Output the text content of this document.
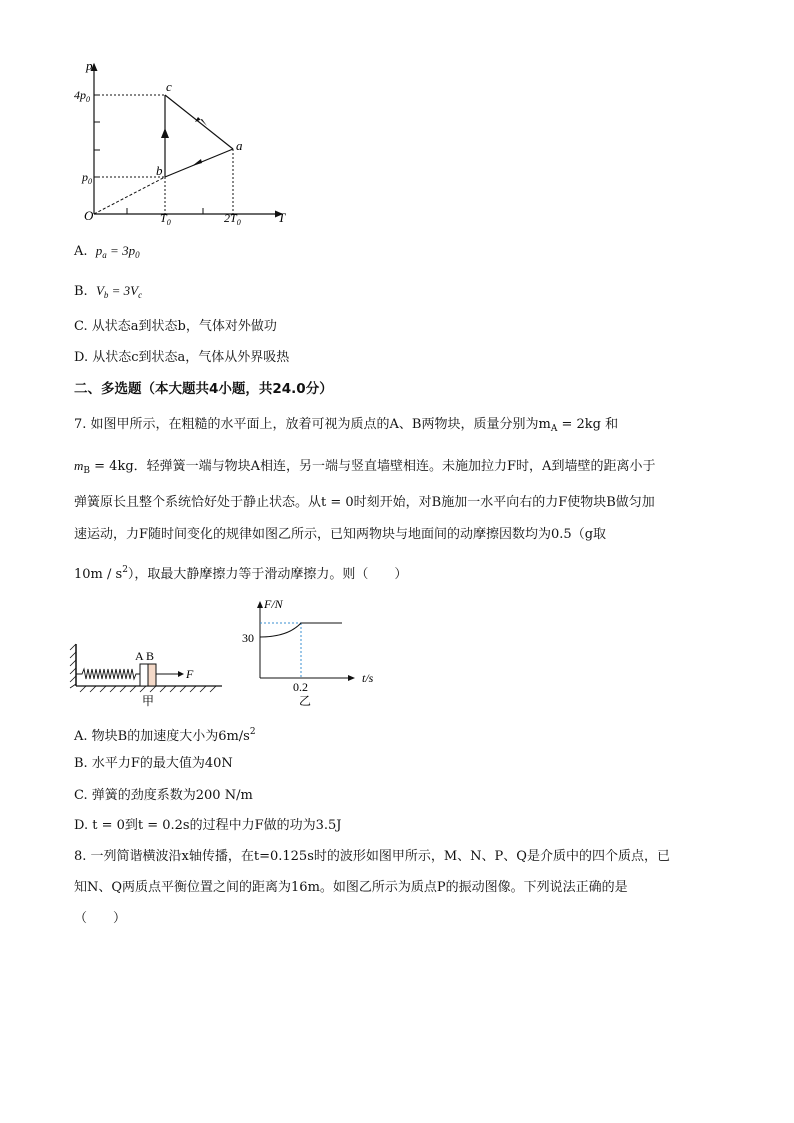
p
T
O
$4p_0$
$p_0$
$T_0$	$2T_0$
c
a
b
A. $p_a = 3p_0$
B. $V_b = 3V_c$
C. 从状态a到状态b，气体对外做功
D. 从状态c到状态a，气体从外界吸热
二、多选题（本大题共4小题，共24.0分）
7. 如图甲所示，在粗糙的水平面上，放着可视为质点的A、B两物块，质量分别为$m_A = 2kg$ 和
$m_B = 4kg$．轻弹簧一端与物块A相连，另一端与竖直墙壁相连。未施加拉力F时，A到墙壁的距离小于
弹簧原长且整个系统恰好处于静止状态。从t = 0时刻开始，对B施加一水平向右的力F使物块B做匀加
速运动，力F随时间变化的规律如图乙所示，已知两物块与地面间的动摩擦因数均为0.5（g取
$10m / s^2$），取最大静摩擦力等于滑动摩擦力。则（　　）
A B
F
甲
F/N
t/s
30
0.2
乙
A. 物块B的加速度大小为$6m/s^2$
B. 水平力F的最大值为40N
C. 弹簧的劲度系数为200 N/m
D. t = 0到t = 0.2s的过程中力F做的功为3.5J
8. 一列简谐横波沿x轴传播，在t=0.125s时的波形如图甲所示，M、N、P、Q是介质中的四个质点，已
知N、Q两质点平衡位置之间的距离为16m。如图乙所示为质点P的振动图像。下列说法正确的是
（　　）
